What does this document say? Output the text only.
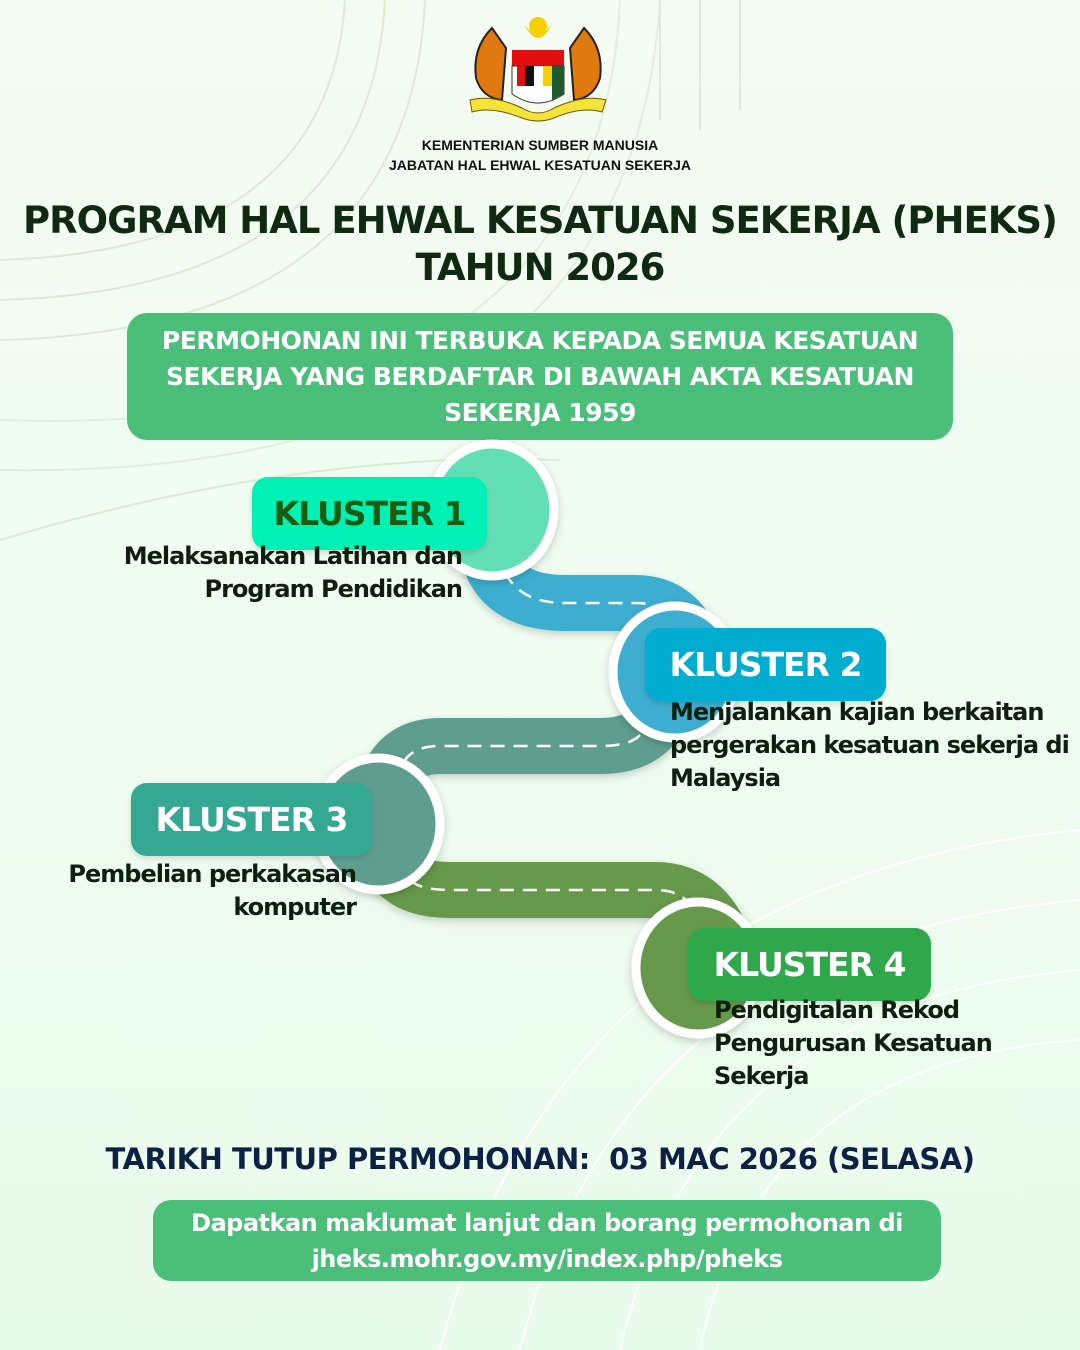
KEMENTERIAN SUMBER MANUSIA
JABATAN HAL EHWAL KESATUAN SEKERJA
PROGRAM HAL EHWAL KESATUAN SEKERJA (PHEKS)
TAHUN 2026
PERMOHONAN INI TERBUKA KEPADA SEMUA KESATUAN SEKERJA YANG BERDAFTAR DI BAWAH AKTA KESATUAN SEKERJA 1959
KLUSTER 1
Melaksanakan Latihan dan
Program Pendidikan
KLUSTER 2
Menjalankan kajian berkaitan
pergerakan kesatuan sekerja di
Malaysia
KLUSTER 3
Pembelian perkakasan
komputer
KLUSTER 4
Pendigitalan Rekod
Pengurusan Kesatuan
Sekerja
TARIKH TUTUP PERMOHONAN:  03 MAC 2026 (SELASA)
Dapatkan maklumat lanjut dan borang permohonan di
jheks.mohr.gov.my/index.php/pheks
